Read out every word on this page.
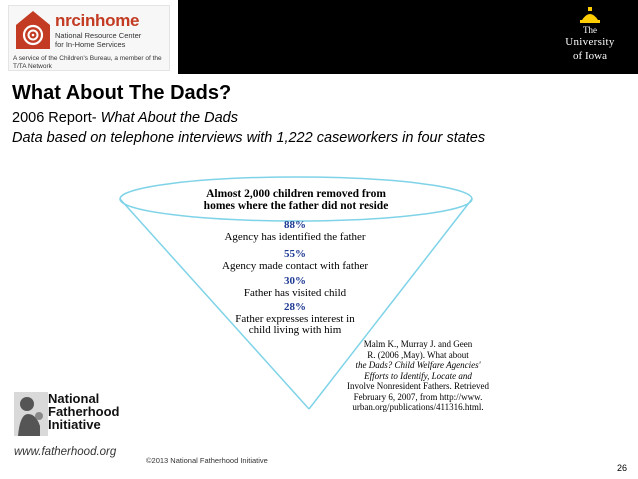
nrcinhome
National Resource Center
for In-Home Services
A service of the Children's Bureau, a member of the T/TA Network
The
University
of Iowa
What About The Dads?
2006 Report- What About the Dads
Data based on telephone interviews with 1,222 caseworkers in four states
Almost 2,000 children removed from
homes where the father did not reside
88%
Agency has identified the father
55%
Agency made contact with father
30%
Father has visited child
28%
Father expresses interest in
child living with him
Malm K., Murray J. and Geen
R. (2006 ,May). What about
the Dads? Child Welfare Agencies'
Efforts to Identify, Locate and
Involve Nonresident Fathers. Retrieved
February 6, 2007, from http://www.
urban.org/publications/411316.html.
National
Fatherhood
Initiative
www.fatherhood.org
©2013 National Fatherhood Initiative
26
